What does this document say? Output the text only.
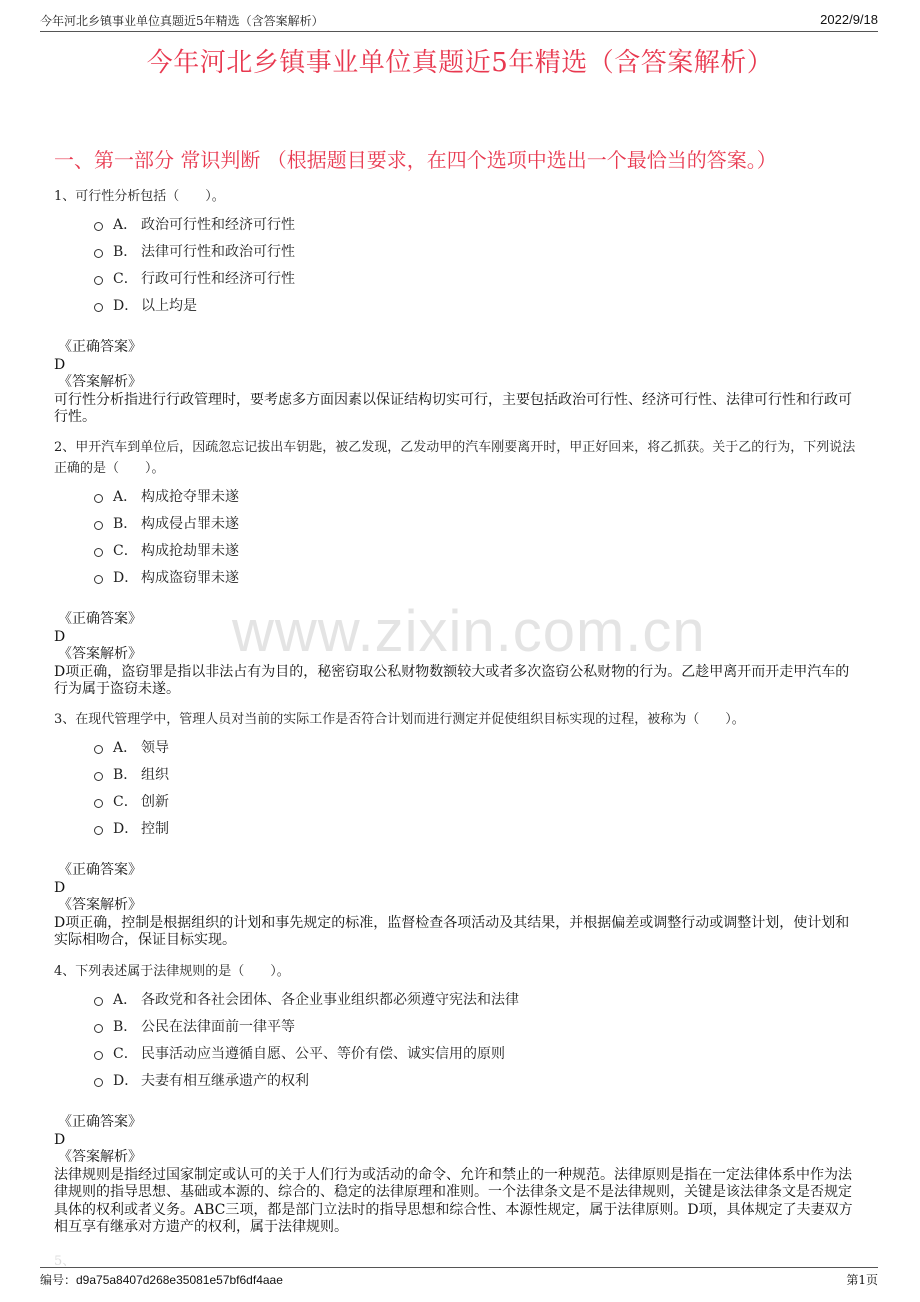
今年河北乡镇事业单位真题近5年精选（含答案解析）	2022/9/18
今年河北乡镇事业单位真题近5年精选（含答案解析）
一、第一部分 常识判断 （根据题目要求，在四个选项中选出一个最恰当的答案。）
1、可行性分析包括（　　）。
A． 政治可行性和经济可行性
B． 法律可行性和政治可行性
C． 行政可行性和经济可行性
D． 以上均是

《正确答案》

D

《答案解析》

可行性分析指进行行政管理时，要考虑多方面因素以保证结构切实可行，主要包括政治可行性、经济可行性、法律可行性和行政可行性。

2、甲开汽车到单位后，因疏忽忘记拔出车钥匙，被乙发现，乙发动甲的汽车刚要离开时，甲正好回来，将乙抓获。关于乙的行为，下列说法正确的是（　　）。
A． 构成抢夺罪未遂
B． 构成侵占罪未遂
C． 构成抢劫罪未遂
D． 构成盗窃罪未遂

《正确答案》

D

《答案解析》

D项正确，盗窃罪是指以非法占有为目的，秘密窃取公私财物数额较大或者多次盗窃公私财物的行为。乙趁甲离开而开走甲汽车的行为属于盗窃未遂。

3、在现代管理学中，管理人员对当前的实际工作是否符合计划而进行测定并促使组织目标实现的过程，被称为（　　）。
A． 领导
B． 组织
C． 创新
D． 控制

《正确答案》

D

《答案解析》

D项正确，控制是根据组织的计划和事先规定的标准，监督检查各项活动及其结果，并根据偏差或调整行动或调整计划，使计划和实际相吻合，保证目标实现。

4、下列表述属于法律规则的是（　　）。
A． 各政党和各社会团体、各企业事业组织都必须遵守宪法和法律
B． 公民在法律面前一律平等
C． 民事活动应当遵循自愿、公平、等价有偿、诚实信用的原则
D． 夫妻有相互继承遗产的权利

《正确答案》

D

《答案解析》

法律规则是指经过国家制定或认可的关于人们行为或活动的命令、允许和禁止的一种规范。法律原则是指在一定法律体系中作为法律规则的指导思想、基础或本源的、综合的、稳定的法律原理和准则。一个法律条文是不是法律规则，关键是该法律条文是否规定具体的权利或者义务。ABC三项，都是部门立法时的指导思想和综合性、本源性规定，属于法律原则。D项，具体规定了夫妻双方相互享有继承对方遗产的权利，属于法律规则。

www.zixin.com.cn
5、
编号：d9a75a8407d268e35081e57bf6df4aae	第1页
